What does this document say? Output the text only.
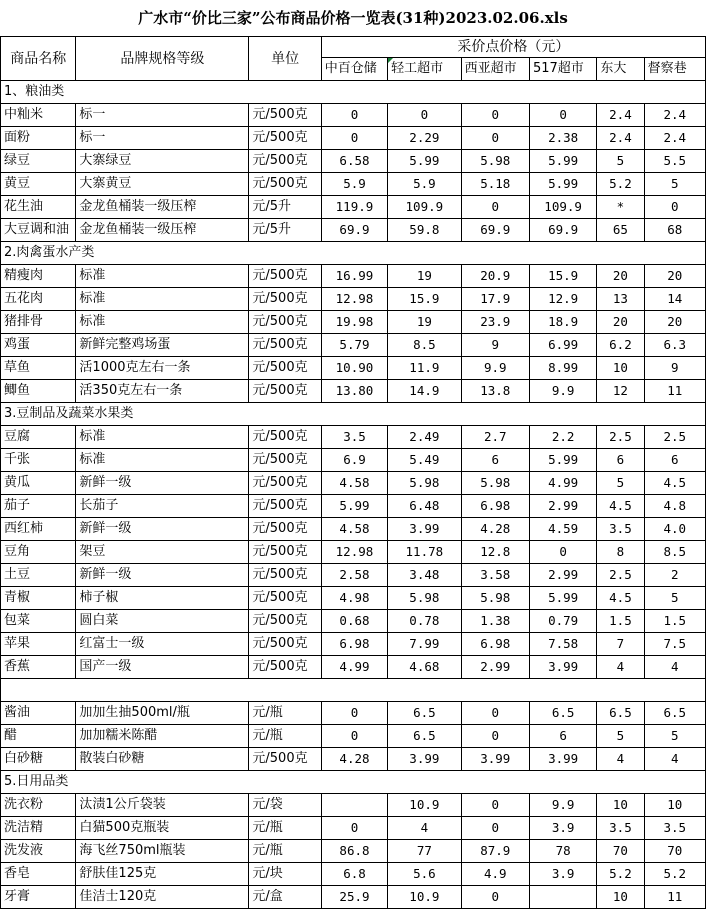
广水市“价比三家”公布商品价格一览表(31种)2023.02.06.xls
商品名称	品牌规格等级	单位	采价点价格（元）					
			中百仓储	轻工超市	西亚超市	517超市	东大	督察巷
1、粮油类								
中籼米	标一	元/500克	0	0	0	0	2.4	2.4
面粉	标一	元/500克	0	2.29	0	2.38	2.4	2.4
绿豆	大寨绿豆	元/500克	6.58	5.99	5.98	5.99	5	5.5
黄豆	大寨黄豆	元/500克	5.9	5.9	5.18	5.99	5.2	5
花生油	金龙鱼桶装一级压榨	元/5升	119.9	109.9	0	109.9	*	0
大豆调和油	金龙鱼桶装一级压榨	元/5升	69.9	59.8	69.9	69.9	65	68
2.肉禽蛋水产类								
精瘦肉	标准	元/500克	16.99	19	20.9	15.9	20	20
五花肉	标准	元/500克	12.98	15.9	17.9	12.9	13	14
猪排骨	标准	元/500克	19.98	19	23.9	18.9	20	20
鸡蛋	新鲜完整鸡场蛋	元/500克	5.79	8.5	9	6.99	6.2	6.3
草鱼	活1000克左右一条	元/500克	10.90	11.9	9.9	8.99	10	9
鲫鱼	活350克左右一条	元/500克	13.80	14.9	13.8	9.9	12	11
3.豆制品及蔬菜水果类								
豆腐	标准	元/500克	3.5	2.49	2.7	2.2	2.5	2.5
千张	标准	元/500克	6.9	5.49	6	5.99	6	6
黄瓜	新鲜一级	元/500克	4.58	5.98	5.98	4.99	5	4.5
茄子	长茄子	元/500克	5.99	6.48	6.98	2.99	4.5	4.8
西红柿	新鲜一级	元/500克	4.58	3.99	4.28	4.59	3.5	4.0
豆角	架豆	元/500克	12.98	11.78	12.8	0	8	8.5
土豆	新鲜一级	元/500克	2.58	3.48	3.58	2.99	2.5	2
青椒	柿子椒	元/500克	4.98	5.98	5.98	5.99	4.5	5
包菜	圆白菜	元/500克	0.68	0.78	1.38	0.79	1.5	1.5
苹果	红富士一级	元/500克	6.98	7.99	6.98	7.58	7	7.5
香蕉	国产一级	元/500克	4.99	4.68	2.99	3.99	4	4

酱油	加加生抽500ml/瓶	元/瓶	0	6.5	0	6.5	6.5	6.5
醋	加加糯米陈醋	元/瓶	0	6.5	0	6	5	5
白砂糖	散装白砂糖	元/500克	4.28	3.99	3.99	3.99	4	4
5.日用品类								
洗衣粉	汰渍1公斤袋装	元/袋		10.9	0	9.9	10	10
洗洁精	白猫500克瓶装	元/瓶	0	4	0	3.9	3.5	3.5
洗发液	海飞丝750ml瓶装	元/瓶	86.8	77	87.9	78	70	70
香皂	舒肤佳125克	元/块	6.8	5.6	4.9	3.9	5.2	5.2
牙膏	佳洁士120克	元/盒	25.9	10.9	0		10	11
